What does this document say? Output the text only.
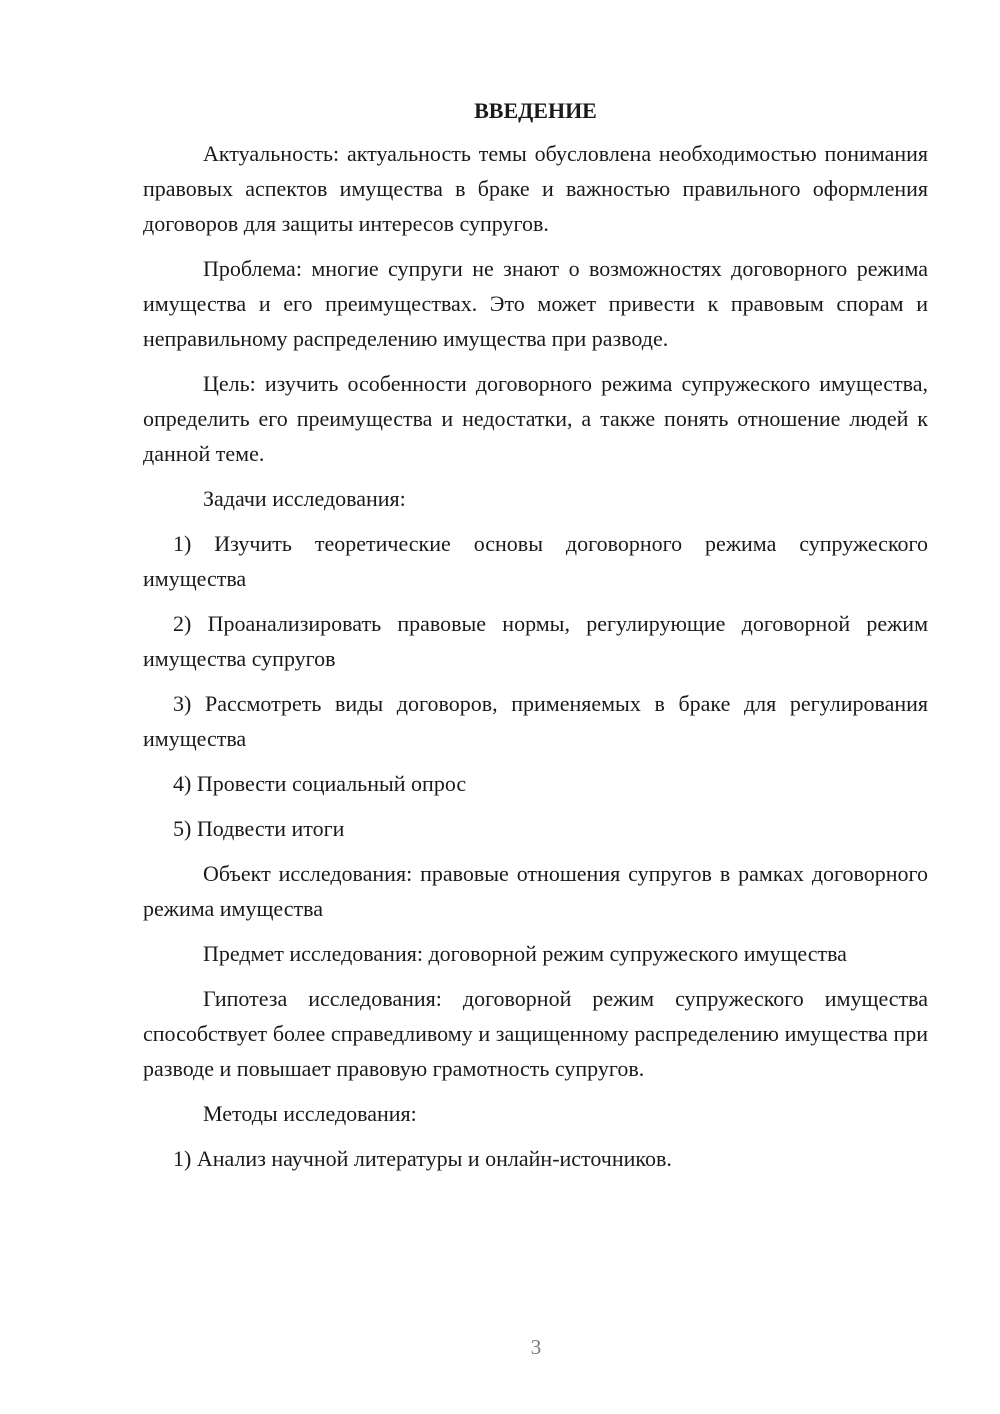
ВВЕДЕНИЕ

Актуальность: актуальность темы обусловлена необходимостью понимания правовых аспектов имущества в браке и важностью правильного оформления договоров для защиты интересов супругов.

Проблема: многие супруги не знают о возможностях договорного режима имущества и его преимуществах. Это может привести к правовым спорам и неправильному распределению имущества при разводе.

Цель: изучить особенности договорного режима супружеского имущества, определить его преимущества и недостатки, а также понять отношение людей к данной теме.

Задачи исследования:

1) Изучить теоретические основы договорного режима супружеского имущества

2) Проанализировать правовые нормы, регулирующие договорной режим имущества супругов

3) Рассмотреть виды договоров, применяемых в браке для регулирования имущества

4) Провести социальный опрос

5) Подвести итоги

Объект исследования: правовые отношения супругов в рамках договорного режима имущества

Предмет исследования: договорной режим супружеского имущества

Гипотеза исследования: договорной режим супружеского имущества способствует более справедливому и защищенному распределению имущества при разводе и повышает правовую грамотность супругов.

Методы исследования:

1) Анализ научной литературы и онлайн-источников.

3
